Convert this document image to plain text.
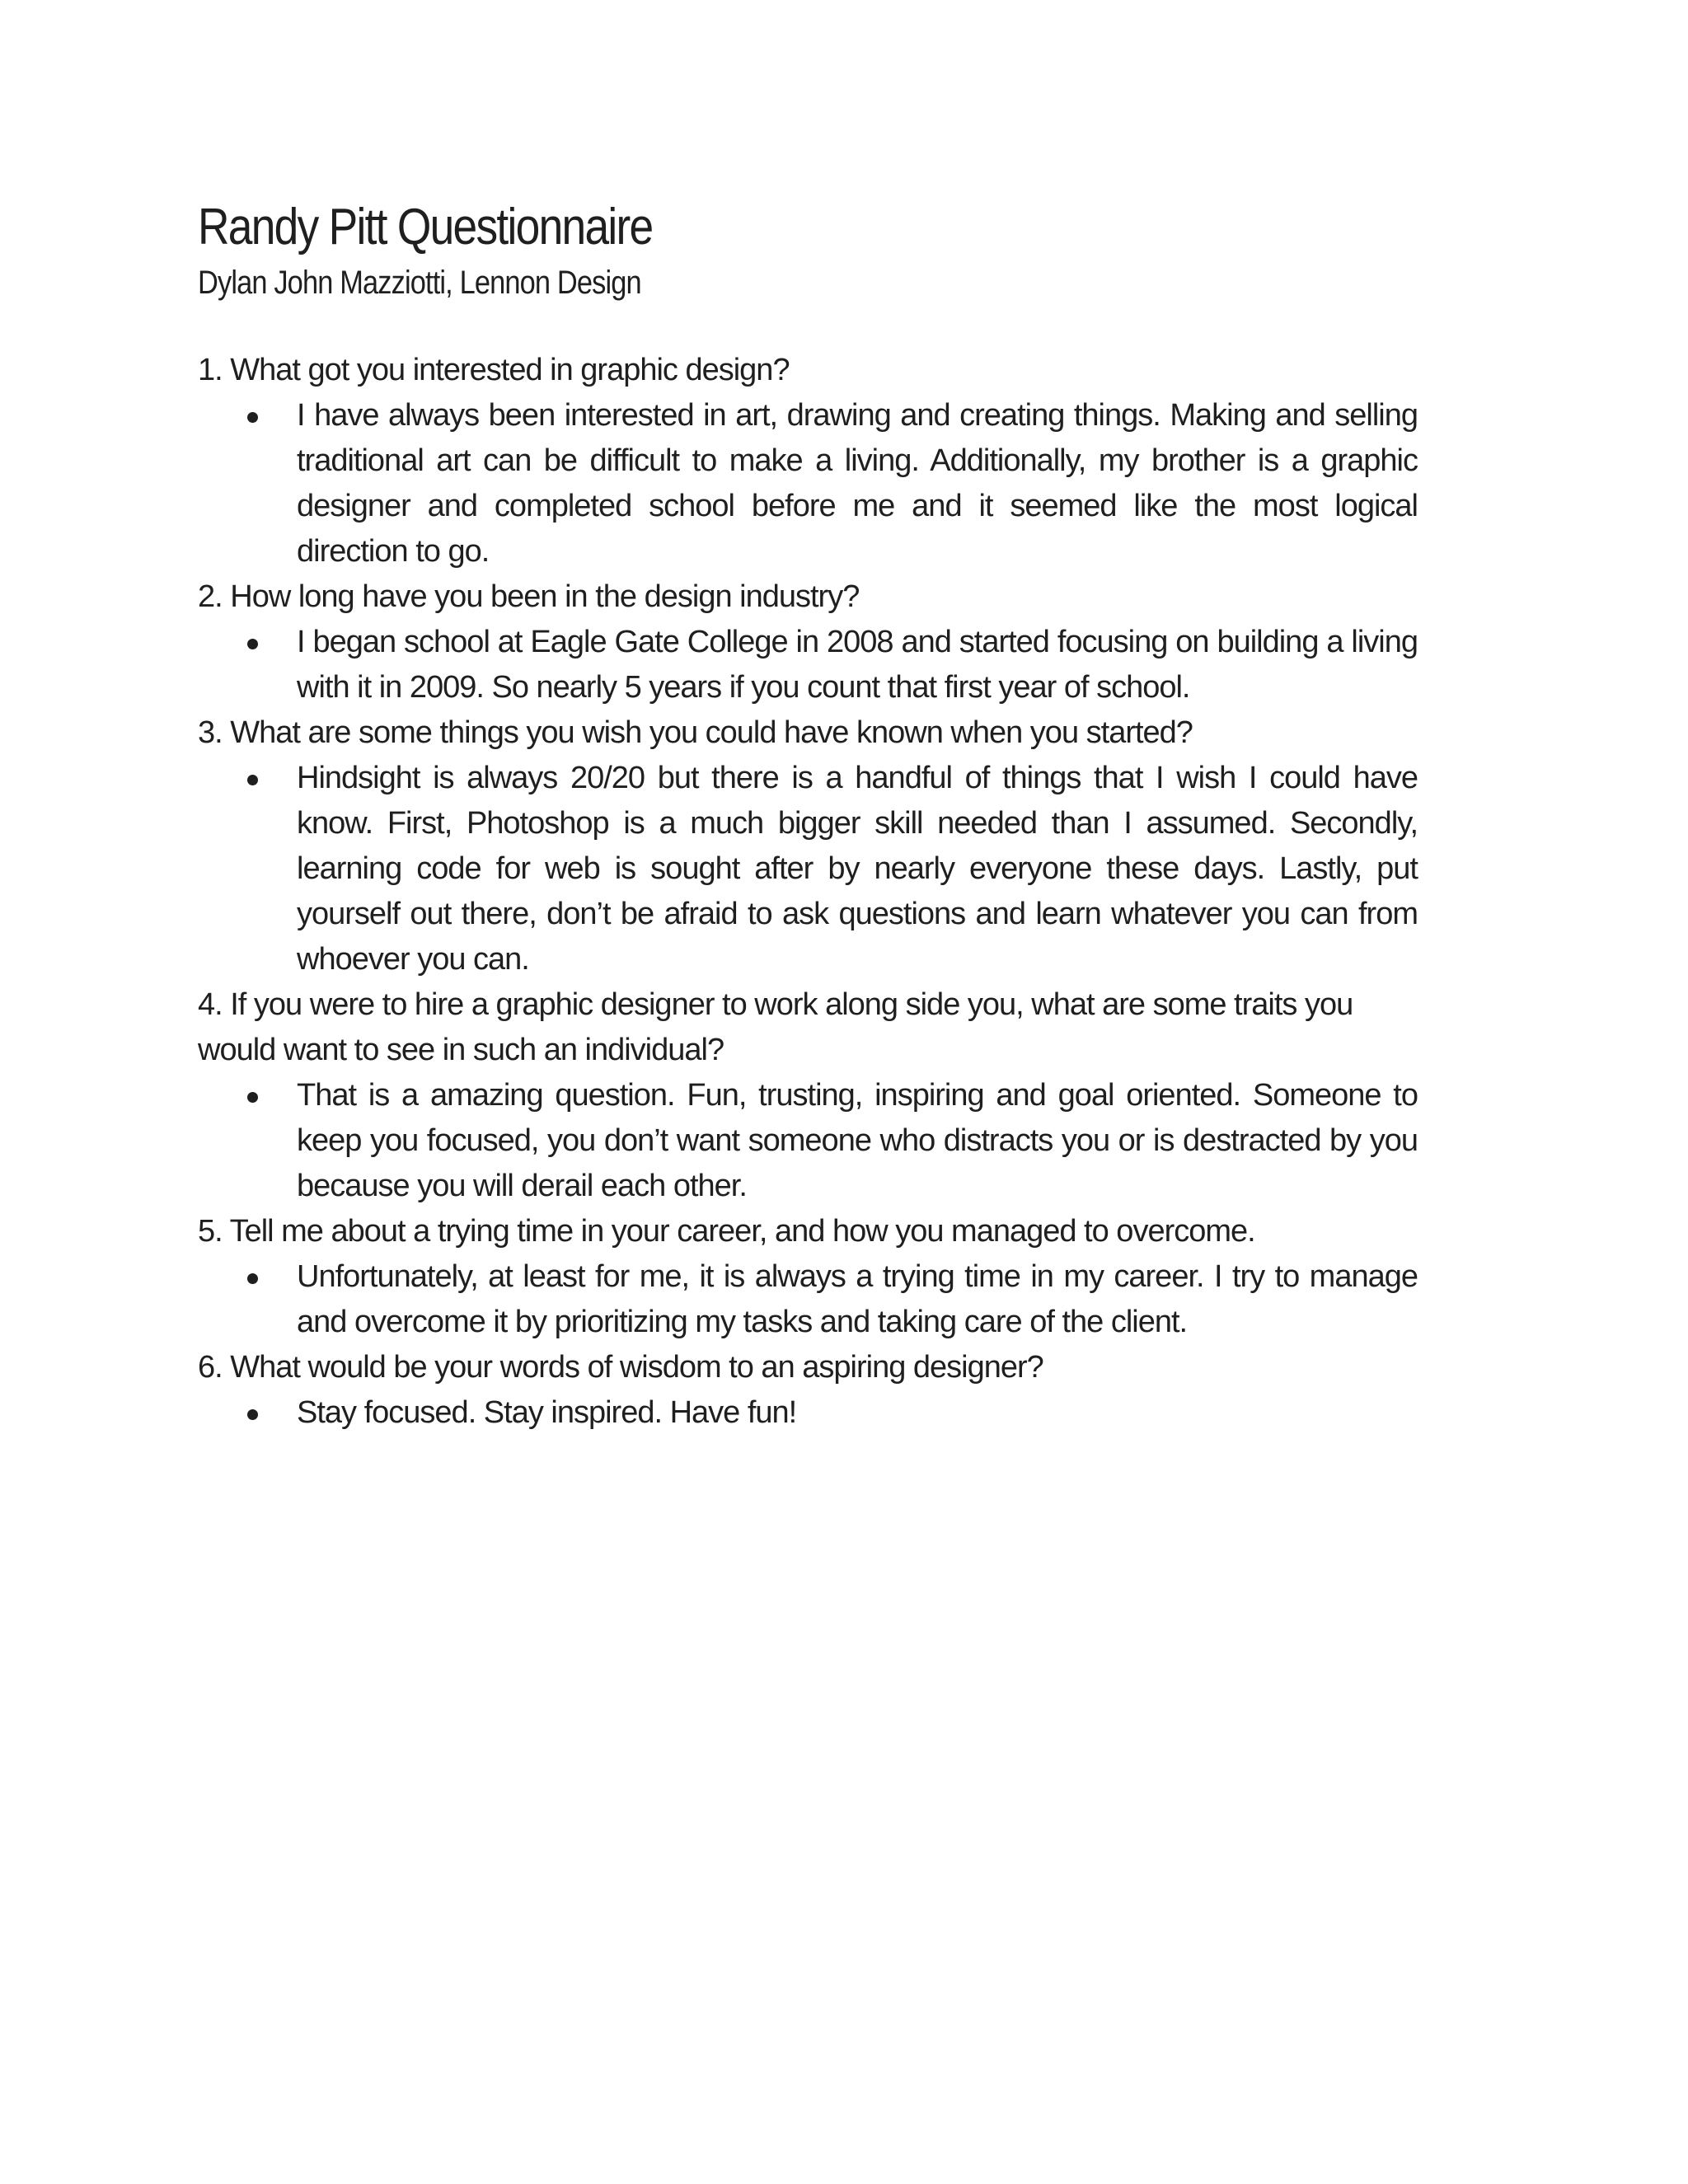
Randy Pitt Questionnaire

Dylan John Mazziotti, Lennon Design

1. What got you interested in graphic design?

I have always been interested in art, drawing and creating things. Making and selling traditional art can be difficult to make a living. Additionally, my brother is a graphic designer and completed school before me and it seemed like the most logical direction to go.

2. How long have you been in the design industry?

I began school at Eagle Gate College in 2008 and started focusing on building a living with it in 2009. So nearly 5 years if you count that first year of school.

3. What are some things you wish you could have known when you started?

Hindsight is always 20/20 but there is a handful of things that I wish I could have know. First, Photoshop is a much bigger skill needed than I assumed. Secondly, learning code for web is sought after by nearly everyone these days. Lastly, put yourself out there, don’t be afraid to ask questions and learn whatever you can from whoever you can.

4. If you were to hire a graphic designer to work along side you, what are some traits you would want to see in such an individual?

That is a amazing question. Fun, trusting, inspiring and goal oriented. Someone to keep you focused, you don’t want someone who distracts you or is destracted by you because you will derail each other.

5. Tell me about a trying time in your career, and how you managed to overcome.

Unfortunately, at least for me, it is always a trying time in my career. I try to manage and overcome it by prioritizing my tasks and taking care of the client.

6. What would be your words of wisdom to an aspiring designer?

Stay focused. Stay inspired. Have fun!
